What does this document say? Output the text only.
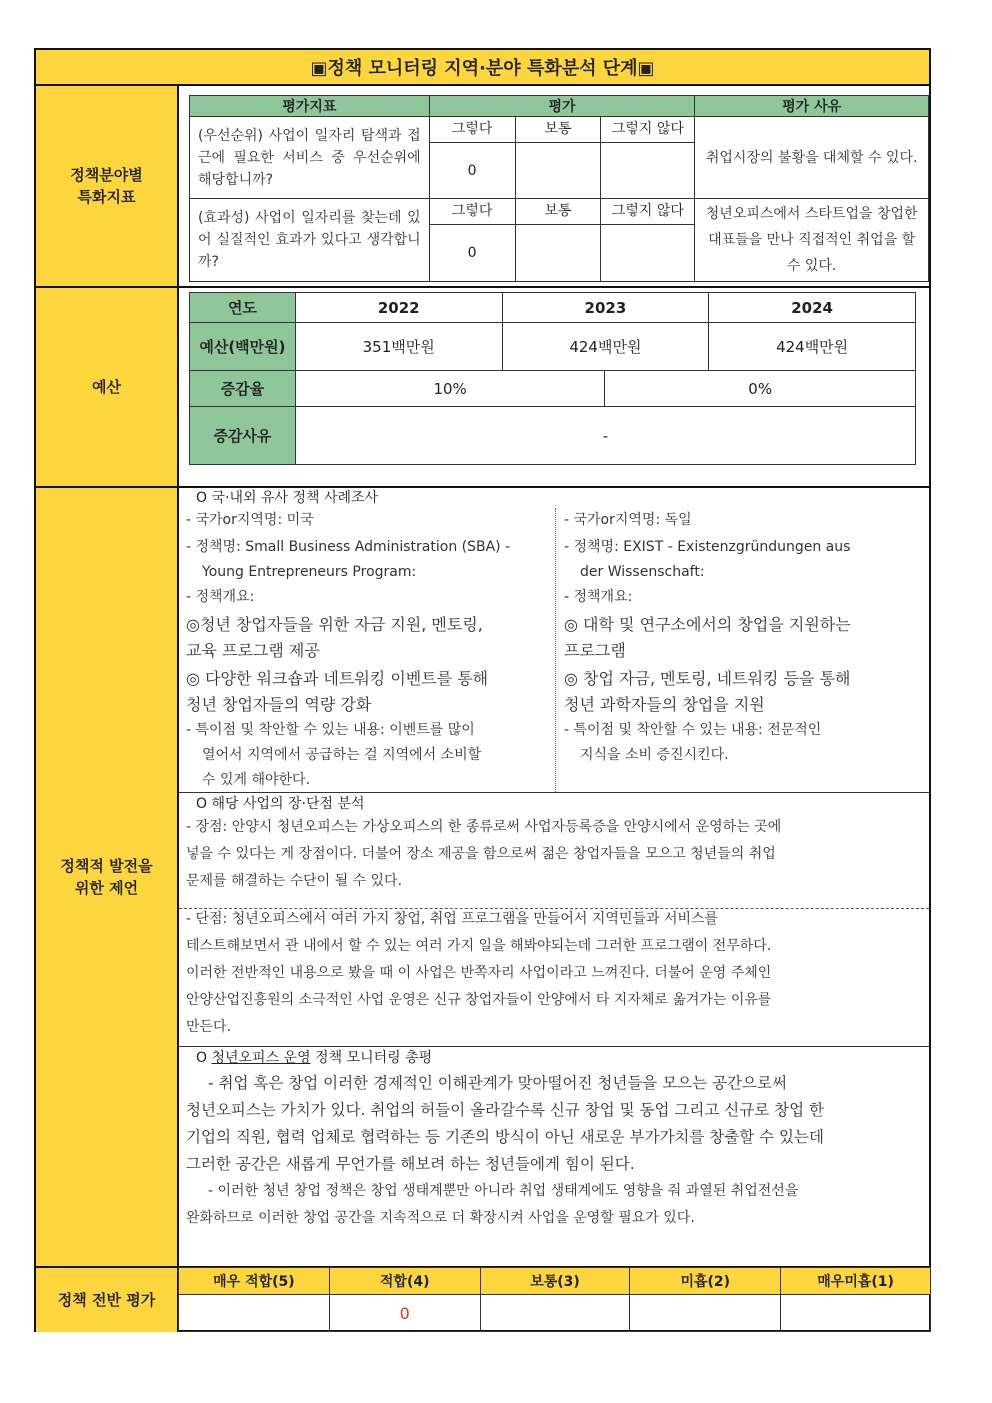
▣정책 모니터링 지역·분야 특화분석 단계▣
정책분야별
특화지표
평가지표	평가			평가 사유
(우선순위) 사업이 일자리 탐색과 접근에 필요한 서비스 중 우선순위에 해당합니까?	그렇다	보통	그렇지 않다	취업시장의 불황을 대체할 수 있다.
	0			
(효과성) 사업이 일자리를 찾는데 있어 실질적인 효과가 있다고 생각합니까?	그렇다	보통	그렇지 않다	청년오피스에서 스타트업을 창업한 대표들을 만나 직접적인 취업을 할 수 있다.
	0			
예산
연도	2022	2023		2024
예산(백만원)	351백만원	424백만원		424백만원
증감율	10%		0%	
증감사유	-			
정책적 발전을
위한 제언
O 국·내외 유사 정책 사례조사
- 국가or지역명: 미국
- 정책명: Small Business Administration (SBA) -
Young Entrepreneurs Program:
- 정책개요:
◎청년 창업자들을 위한 자금 지원, 멘토링,
교육 프로그램 제공
◎ 다양한 워크숍과 네트워킹 이벤트를 통해
청년 창업자들의 역량 강화
- 특이점 및 착안할 수 있는 내용: 이벤트를 많이
열어서 지역에서 공급하는 걸 지역에서 소비할
수 있게 해야한다.
- 국가or지역명: 독일
- 정책명: EXIST - Existenzgründungen aus
der Wissenschaft:
- 정책개요:
◎ 대학 및 연구소에서의 창업을 지원하는
프로그램
◎ 창업 자금, 멘토링, 네트워킹 등을 통해
청년 과학자들의 창업을 지원
- 특이점 및 착안할 수 있는 내용: 전문적인
지식을 소비 증진시킨다.
O 해당 사업의 장·단점 분석
- 장점: 안양시 청년오피스는 가상오피스의 한 종류로써 사업자등록증을 안양시에서 운영하는 곳에
넣을 수 있다는 게 장점이다. 더불어 장소 제공을 함으로써 젊은 창업자들을 모으고 청년들의 취업
문제를 해결하는 수단이 될 수 있다.
- 단점: 청년오피스에서 여러 가지 창업, 취업 프로그램을 만들어서 지역민들과 서비스를
테스트해보면서 관 내에서 할 수 있는 여러 가지 일을 해봐야되는데 그러한 프로그램이 전무하다.
이러한 전반적인 내용으로 봤을 때 이 사업은 반쪽자리 사업이라고 느껴진다. 더불어 운영 주체인
안양산업진흥원의 소극적인 사업 운영은 신규 창업자들이 안양에서 타 지자체로 옮겨가는 이유를
만든다.
O 청년오피스 운영 정책 모니터링 총평
- 취업 혹은 창업 이러한 경제적인 이해관계가 맞아떨어진 청년들을 모으는 공간으로써
청년오피스는 가치가 있다. 취업의 허들이 올라갈수록 신규 창업 및 동업 그리고 신규로 창업 한
기업의 직원, 협력 업체로 협력하는 등 기존의 방식이 아닌 새로운 부가가치를 창출할 수 있는데
그러한 공간은 새롭게 무언가를 해보려 하는 청년들에게 힘이 된다.
- 이러한 청년 창업 정책은 창업 생태계뿐만 아니라 취업 생태계에도 영향을 줘 과열된 취업전선을
완화하므로 이러한 창업 공간을 지속적으로 더 확장시켜 사업을 운영할 필요가 있다.
정책 전반 평가
매우 적합(5)	적합(4)	보통(3)	미흡(2)	매우미흡(1)
	0			
